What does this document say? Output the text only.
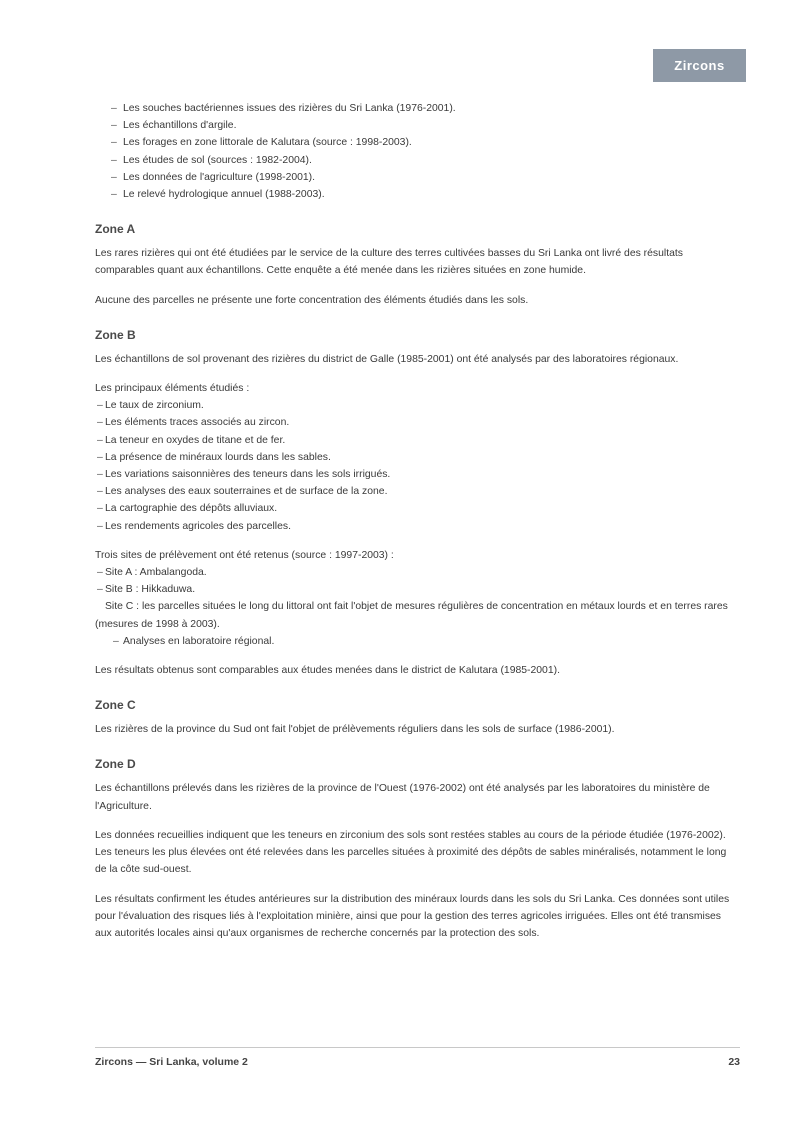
Zircons
– Les souches bactériennes issues des rizières du Sri Lanka (1976-2001).
– Les échantillons d'argile.
– Les forages en zone littorale de Kalutara (source : 1998-2003).
– Les études de sol (sources : 1982-2004).
– Les données de l'agriculture (1998-2001).
– Le relevé hydrologique annuel (1988-2003).
Zone A

Les rares rizières qui ont été étudiées par le service de la culture des terres cultivées basses du Sri Lanka ont livré des résultats comparables quant aux échantillons. Cette enquête a été menée dans les rizières situées en zone humide.

Aucune des parcelles ne présente une forte concentration des éléments étudiés dans les sols.

Zone B

Les échantillons de sol provenant des rizières du district de Galle (1985-2001) ont été analysés par des laboratoires régionaux.

Les principaux éléments étudiés :

– Le taux de zirconium.
– Les éléments traces associés au zircon.
– La teneur en oxydes de titane et de fer.
– La présence de minéraux lourds dans les sables.
– Les variations saisonnières des teneurs dans les sols irrigués.
– Les analyses des eaux souterraines et de surface de la zone.
– La cartographie des dépôts alluviaux.
– Les rendements agricoles des parcelles.

Trois sites de prélèvement ont été retenus (source : 1997-2003) :

– Site A : Ambalangoda.
– Site B : Hikkaduwa.
Site C : les parcelles situées le long du littoral ont fait l'objet de mesures régulières de concentration en métaux lourds et en terres rares (mesures de 1998 à 2003).
– Analyses en laboratoire régional.

Les résultats obtenus sont comparables aux études menées dans le district de Kalutara (1985-2001).

Zone C

Les rizières de la province du Sud ont fait l'objet de prélèvements réguliers dans les sols de surface (1986-2001).

Zone D

Les échantillons prélevés dans les rizières de la province de l'Ouest (1976-2002) ont été analysés par les laboratoires du ministère de l'Agriculture.

Les données recueillies indiquent que les teneurs en zirconium des sols sont restées stables au cours de la période étudiée (1976-2002). Les teneurs les plus élevées ont été relevées dans les parcelles situées à proximité des dépôts de sables minéralisés, notamment le long de la côte sud-ouest.

Les résultats confirment les études antérieures sur la distribution des minéraux lourds dans les sols du Sri Lanka. Ces données sont utiles pour l'évaluation des risques liés à l'exploitation minière, ainsi que pour la gestion des terres agricoles irriguées. Elles ont été transmises aux autorités locales ainsi qu'aux organismes de recherche concernés par la protection des sols.

Zircons — Sri Lanka, volume 2	23
